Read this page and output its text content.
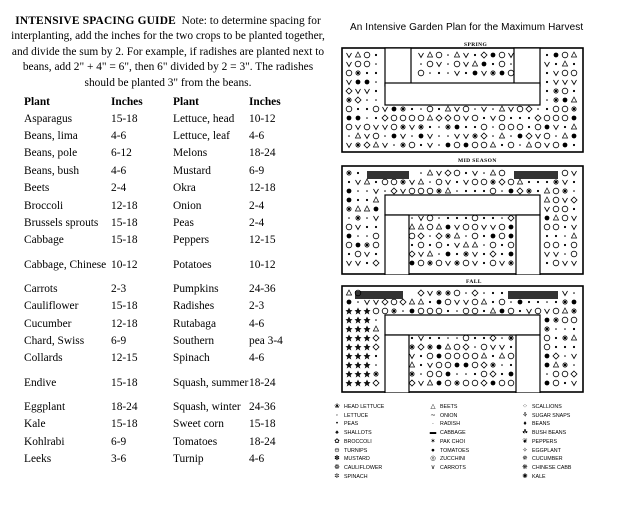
INTENSIVE SPACING GUIDE Note: to determine spacing for interplanting, add the inches for the two crops to be planted together, and divide the sum by 2. For example, if radishes are planted next to beans, add 2" + 4" = 6", then 6" divided by 2 = 3". The radishes should be planted 3" from the beans.

Plant	Inches	Plant	Inches
Asparagus	15-18	Lettuce, head	10-12
Beans, lima	4-6	Lettuce, leaf	4-6
Beans, pole	6-12	Melons	18-24
Beans, bush	4-6	Mustard	6-9
Beets	2-4	Okra	12-18
Broccoli	12-18	Onion	2-4
Brussels sprouts	15-18	Peas	2-4
Cabbage	15-18	Peppers	12-15
Cabbage, Chinese	10-12	Potatoes	10-12
Carrots	2-3	Pumpkins	24-36
Cauliflower	15-18	Radishes	2-3
Cucumber	12-18	Rutabaga	4-6
Chard, Swiss	6-9	Southern	pea 3-4
Collards	12-15	Spinach	4-6
Endive	15-18	Squash, summer	18-24
Eggplant	18-24	Squash, winter	24-36
Kale	15-18	Sweet corn	15-18
Kohlrabi	6-9	Tomatoes	18-24
Leeks	3-6	Turnip	4-6
An Intensive Garden Plan for the Maximum Harvest
SPRING
MID SEASON
FALL
❀ HEAD LETTUCE
◦ LETTUCE
• PEAS
♠ SHALLOTS
✿ BROCCOLI
⊖ TURNIPS
✽ MUSTARD
❁ CAULIFLOWER
✲ SPINACH
△ BEETS
∼ ONION
· RADISH
▬ CABBAGE
✶ PAK CHOI
● TOMATOES
◎ ZUCCHINI
∨ CARROTS
⁘ SCALLIONS
⚘ SUGAR SNAPS
♦ BEANS
☘ BUSH BEANS
❦ PEPPERS
✧ EGGPLANT
✵ CUCUMBER
❋ CHINESE CABB
✺ KALE
